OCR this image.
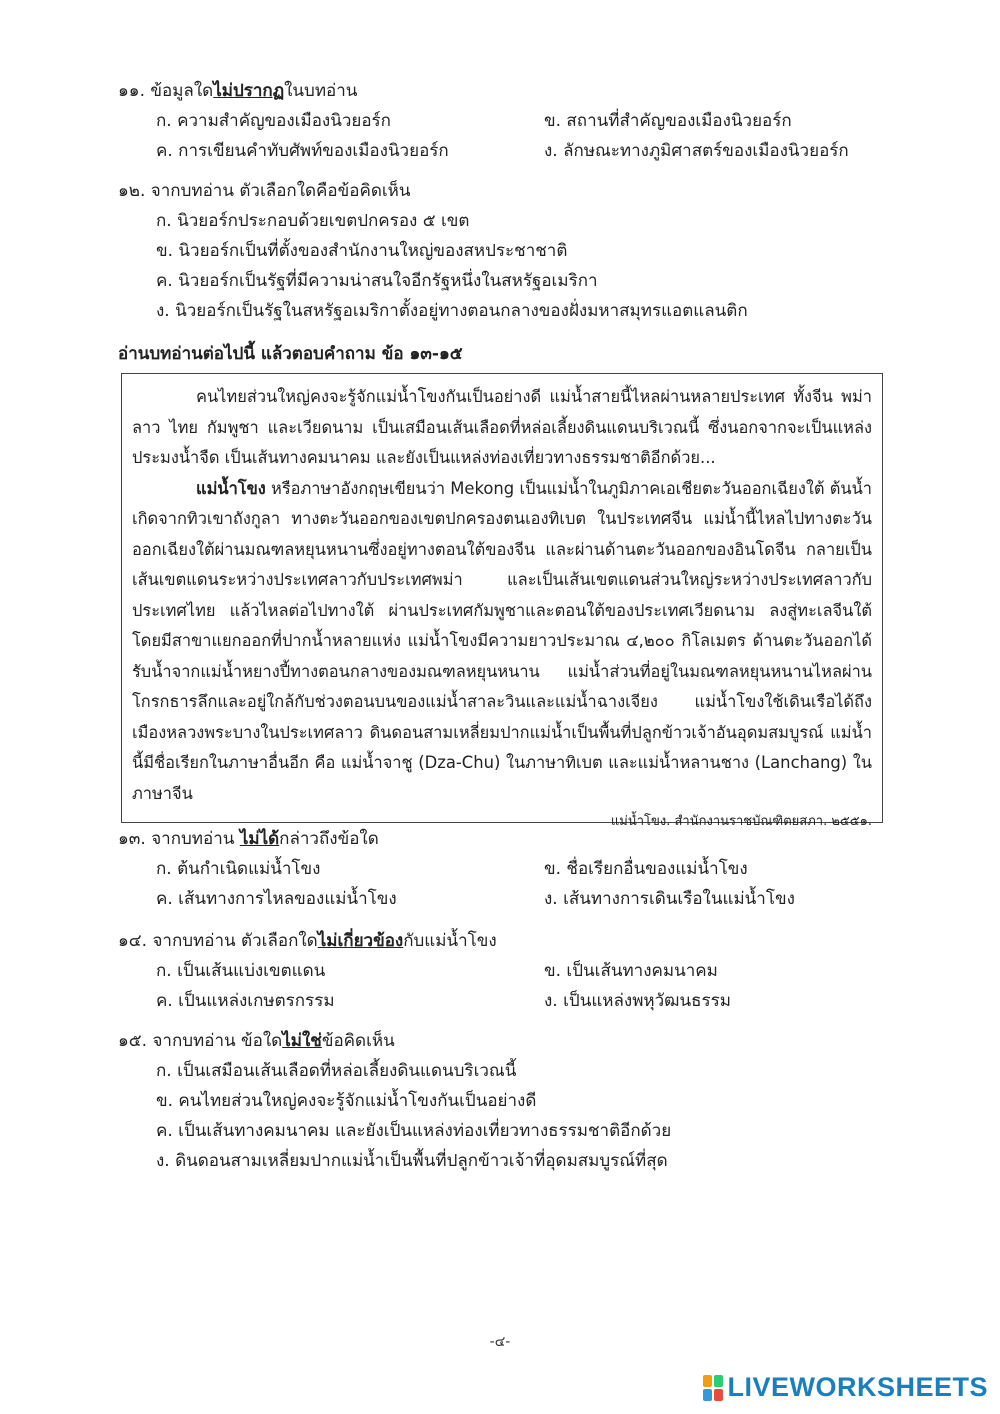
๑๑. ข้อมูลใดไม่ปรากฏในบทอ่าน
ก. ความสำคัญของเมืองนิวยอร์ก	ข. สถานที่สำคัญของเมืองนิวยอร์ก
ค. การเขียนคำทับศัพท์ของเมืองนิวยอร์ก	ง. ลักษณะทางภูมิศาสตร์ของเมืองนิวยอร์ก
๑๒. จากบทอ่าน ตัวเลือกใดคือข้อคิดเห็น
ก. นิวยอร์กประกอบด้วยเขตปกครอง ๕ เขต
ข. นิวยอร์กเป็นที่ตั้งของสำนักงานใหญ่ของสหประชาชาติ
ค. นิวยอร์กเป็นรัฐที่มีความน่าสนใจอีกรัฐหนึ่งในสหรัฐอเมริกา
ง. นิวยอร์กเป็นรัฐในสหรัฐอเมริกาตั้งอยู่ทางตอนกลางของฝั่งมหาสมุทรแอตแลนติก
อ่านบทอ่านต่อไปนี้ แล้วตอบคำถาม ข้อ ๑๓-๑๕

คนไทยส่วนใหญ่คงจะรู้จักแม่น้ำโขงกันเป็นอย่างดี แม่น้ำสายนี้ไหลผ่านหลายประเทศ ทั้งจีน พม่า ลาว ไทย กัมพูชา และเวียดนาม เป็นเสมือนเส้นเลือดที่หล่อเลี้ยงดินแดนบริเวณนี้ ซึ่งนอกจากจะเป็นแหล่งประมงน้ำจืด เป็นเส้นทางคมนาคม และยังเป็นแหล่งท่องเที่ยวทางธรรมชาติอีกด้วย...

แม่น้ำโขง หรือภาษาอังกฤษเขียนว่า Mekong เป็นแม่น้ำในภูมิภาคเอเชียตะวันออกเฉียงใต้ ต้นน้ำเกิดจากทิวเขาถังกูลา ทางตะวันออกของเขตปกครองตนเองทิเบต ในประเทศจีน แม่น้ำนี้ไหลไปทางตะวันออกเฉียงใต้ผ่านมณฑลหยุนหนานซึ่งอยู่ทางตอนใต้ของจีน และผ่านด้านตะวันออกของอินโดจีน กลายเป็นเส้นเขตแดนระหว่างประเทศลาวกับประเทศพม่า และเป็นเส้นเขตแดนส่วนใหญ่ระหว่างประเทศลาวกับประเทศไทย แล้วไหลต่อไปทางใต้ ผ่านประเทศกัมพูชาและตอนใต้ของประเทศเวียดนาม ลงสู่ทะเลจีนใต้ โดยมีสาขาแยกออกที่ปากน้ำหลายแห่ง แม่น้ำโขงมีความยาวประมาณ ๔,๒๐๐ กิโลเมตร ด้านตะวันออกได้รับน้ำจากแม่น้ำหยางปี้ทางตอนกลางของมณฑลหยุนหนาน แม่น้ำส่วนที่อยู่ในมณฑลหยุนหนานไหลผ่านโกรกธารลึกและอยู่ใกล้กับช่วงตอนบนของแม่น้ำสาละวินและแม่น้ำฉางเจียง แม่น้ำโขงใช้เดินเรือได้ถึงเมืองหลวงพระบางในประเทศลาว ดินดอนสามเหลี่ยมปากแม่น้ำเป็นพื้นที่ปลูกข้าวเจ้าอันอุดมสมบูรณ์ แม่น้ำนี้มีชื่อเรียกในภาษาอื่นอีก คือ แม่น้ำจาชู (Dza-Chu) ในภาษาทิเบต และแม่น้ำหลานชาง (Lanchang) ในภาษาจีน

แม่น้ำโขง. สำนักงานราชบัณฑิตยสภา. ๒๕๕๑.
๑๓. จากบทอ่าน ไม่ได้กล่าวถึงข้อใด
ก. ต้นกำเนิดแม่น้ำโขง	ข. ชื่อเรียกอื่นของแม่น้ำโขง
ค. เส้นทางการไหลของแม่น้ำโขง	ง. เส้นทางการเดินเรือในแม่น้ำโขง
๑๔. จากบทอ่าน ตัวเลือกใดไม่เกี่ยวข้องกับแม่น้ำโขง
ก. เป็นเส้นแบ่งเขตแดน	ข. เป็นเส้นทางคมนาคม
ค. เป็นแหล่งเกษตรกรรม	ง. เป็นแหล่งพหุวัฒนธรรม
๑๕. จากบทอ่าน ข้อใดไม่ใช่ข้อคิดเห็น
ก. เป็นเสมือนเส้นเลือดที่หล่อเลี้ยงดินแดนบริเวณนี้
ข. คนไทยส่วนใหญ่คงจะรู้จักแม่น้ำโขงกันเป็นอย่างดี
ค. เป็นเส้นทางคมนาคม และยังเป็นแหล่งท่องเที่ยวทางธรรมชาติอีกด้วย
ง. ดินดอนสามเหลี่ยมปากแม่น้ำเป็นพื้นที่ปลูกข้าวเจ้าที่อุดมสมบูรณ์ที่สุด
-๔-
LIVEWORKSHEETS
